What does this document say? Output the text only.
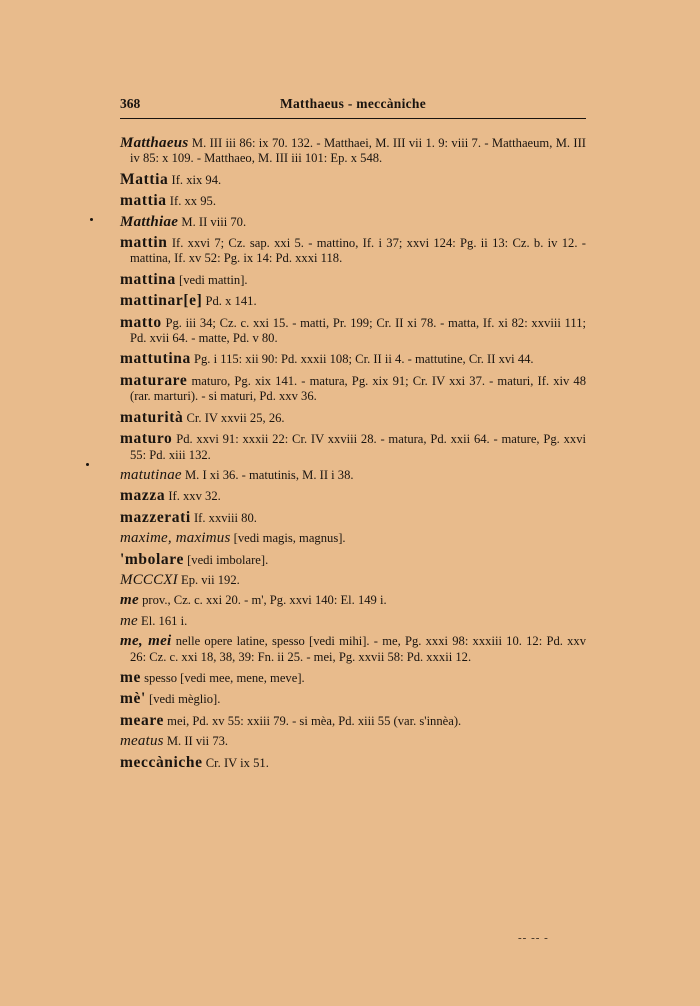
368	Matthaeus - meccàniche
Matthaeus M. III iii 86: ix 70. 132. - Matthaei, M. III vii 1. 9: viii 7. - Matthaeum, M. III iv 85: x 109. - Matthaeo, M. III iii 101: Ep. x 548.
Mattia If. xix 94.
mattia If. xx 95.
Matthiae M. II viii 70.
mattin If. xxvi 7; Cz. sap. xxi 5. - mattino, If. i 37; xxvi 124: Pg. ii 13: Cz. b. iv 12. - mattina, If. xv 52: Pg. ix 14: Pd. xxxi 118.
mattina [vedi mattin].
mattinar[e] Pd. x 141.
matto Pg. iii 34; Cz. c. xxi 15. - matti, Pr. 199; Cr. II xi 78. - matta, If. xi 82: xxviii 111; Pd. xvii 64. - matte, Pd. v 80.
mattutina Pg. i 115: xii 90: Pd. xxxii 108; Cr. II ii 4. - mattutine, Cr. II xvi 44.
maturare maturo, Pg. xix 141. - matura, Pg. xix 91; Cr. IV xxi 37. - maturi, If. xiv 48 (rar. marturi). - si maturi, Pd. xxv 36.
maturità Cr. IV xxvii 25, 26.
maturo Pd. xxvi 91: xxxii 22: Cr. IV xxviii 28. - matura, Pd. xxii 64. - mature, Pg. xxvi 55: Pd. xiii 132.
matutinae M. I xi 36. - matutinis, M. II i 38.
mazza If. xxv 32.
mazzerati If. xxviii 80.
maxime, maximus [vedi magis, magnus].
'mbolare [vedi imbolare].
MCCCXI Ep. vii 192.
me prov., Cz. c. xxi 20. - m', Pg. xxvi 140: El. 149 i.
me El. 161 i.
me, mei nelle opere latine, spesso [vedi mihi]. - me, Pg. xxxi 98: xxxiii 10. 12: Pd. xxv 26: Cz. c. xxi 18, 38, 39: Fn. ii 25. - mei, Pg. xxvii 58: Pd. xxxii 12.
me spesso [vedi mee, mene, meve].
mè' [vedi mèglio].
meare mei, Pd. xv 55: xxiii 79. - si mèa, Pd. xiii 55 (var. s'innèa).
meatus M. II vii 73.
meccàniche Cr. IV ix 51.
-- -- -
